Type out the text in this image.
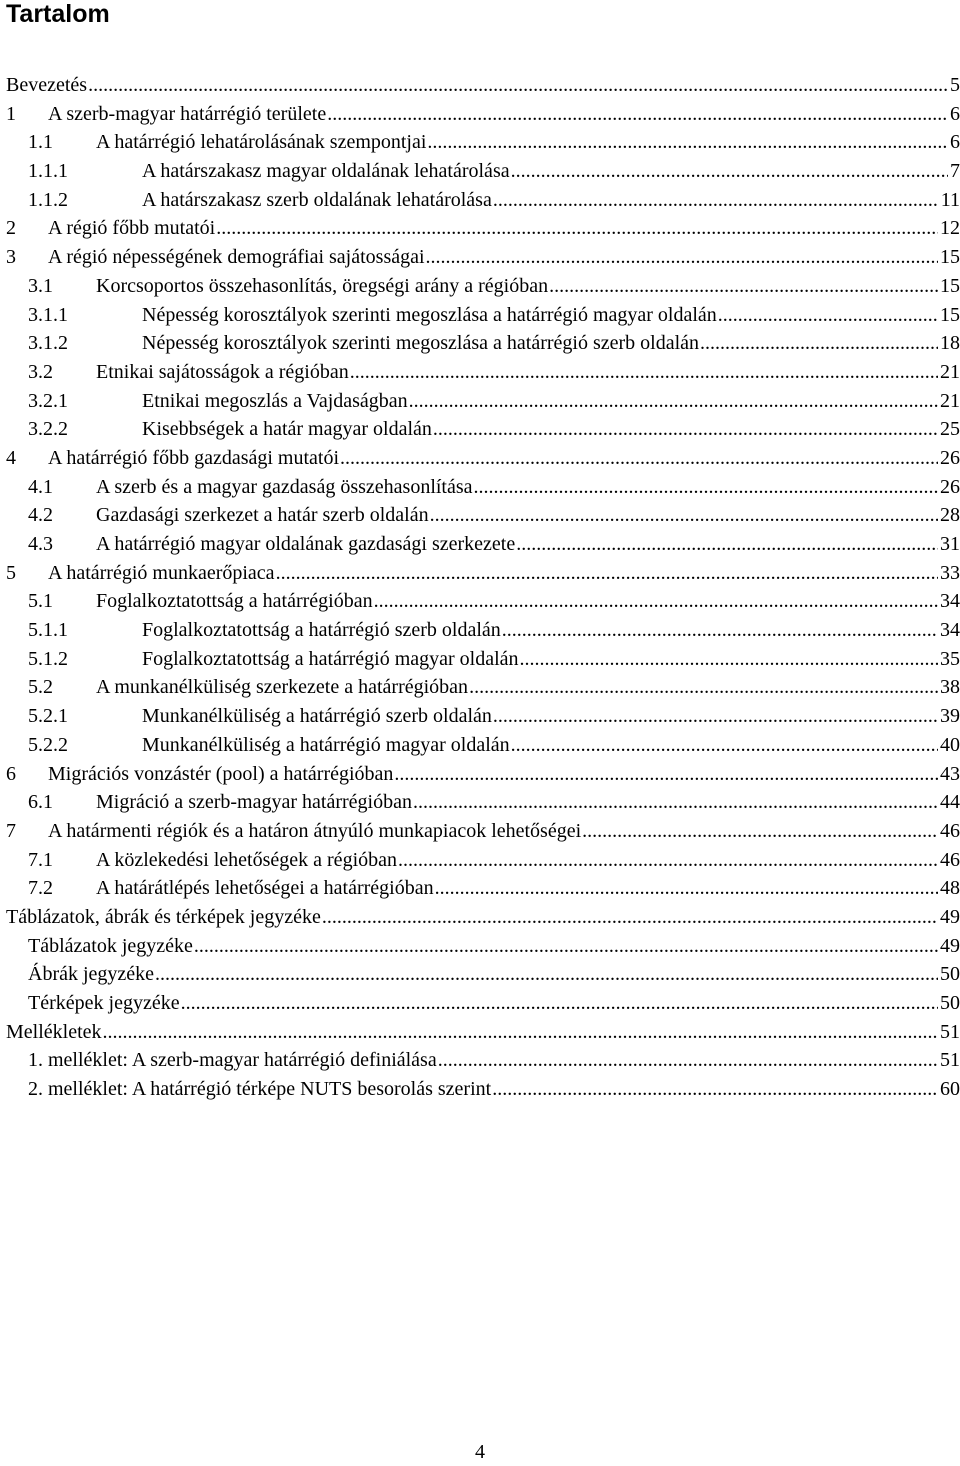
Tartalom
Bevezetés .....	5
1	A szerb-magyar határrégió területe .....	6
1.1	A határrégió lehatárolásának szempontjai .....	6
1.1.1	A határszakasz magyar oldalának lehatárolása .....	7
1.1.2	A határszakasz szerb oldalának lehatárolása .....	11
2	A régió főbb mutatói .....	12
3	A régió népességének demográfiai sajátosságai .....	15
3.1	Korcsoportos összehasonlítás, öregségi arány a régióban .....	15
3.1.1	Népesség korosztályok szerinti megoszlása a határrégió magyar oldalán .....	15
3.1.2	Népesség korosztályok szerinti megoszlása a határrégió szerb oldalán .....	18
3.2	Etnikai sajátosságok a régióban .....	21
3.2.1	Etnikai megoszlás a Vajdaságban .....	21
3.2.2	Kisebbségek a határ magyar oldalán .....	25
4	A határrégió főbb gazdasági mutatói .....	26
4.1	A szerb és a magyar gazdaság összehasonlítása .....	26
4.2	Gazdasági szerkezet a határ szerb oldalán .....	28
4.3	A határrégió magyar oldalának gazdasági szerkezete .....	31
5	A határrégió munkaerőpiaca .....	33
5.1	Foglalkoztatottság a határrégióban .....	34
5.1.1	Foglalkoztatottság a határrégió szerb oldalán .....	34
5.1.2	Foglalkoztatottság a határrégió magyar oldalán .....	35
5.2	A munkanélküliség szerkezete a határrégióban .....	38
5.2.1	Munkanélküliség a határrégió szerb oldalán .....	39
5.2.2	Munkanélküliség a határrégió magyar oldalán .....	40
6	Migrációs vonzástér (pool) a határrégióban .....	43
6.1	Migráció a szerb-magyar határrégióban .....	44
7	A határmenti régiók és a határon átnyúló munkapiacok lehetőségei .....	46
7.1	A közlekedési lehetőségek a régióban .....	46
7.2	A határátlépés lehetőségei a határrégióban .....	48
Táblázatok, ábrák és térképek jegyzéke .....	49
Táblázatok jegyzéke .....	49
Ábrák jegyzéke .....	50
Térképek jegyzéke .....	50
Mellékletek .....	51
1. melléklet: A szerb-magyar határrégió definiálása .....	51
2. melléklet: A határrégió térképe NUTS besorolás szerint .....	60
4
